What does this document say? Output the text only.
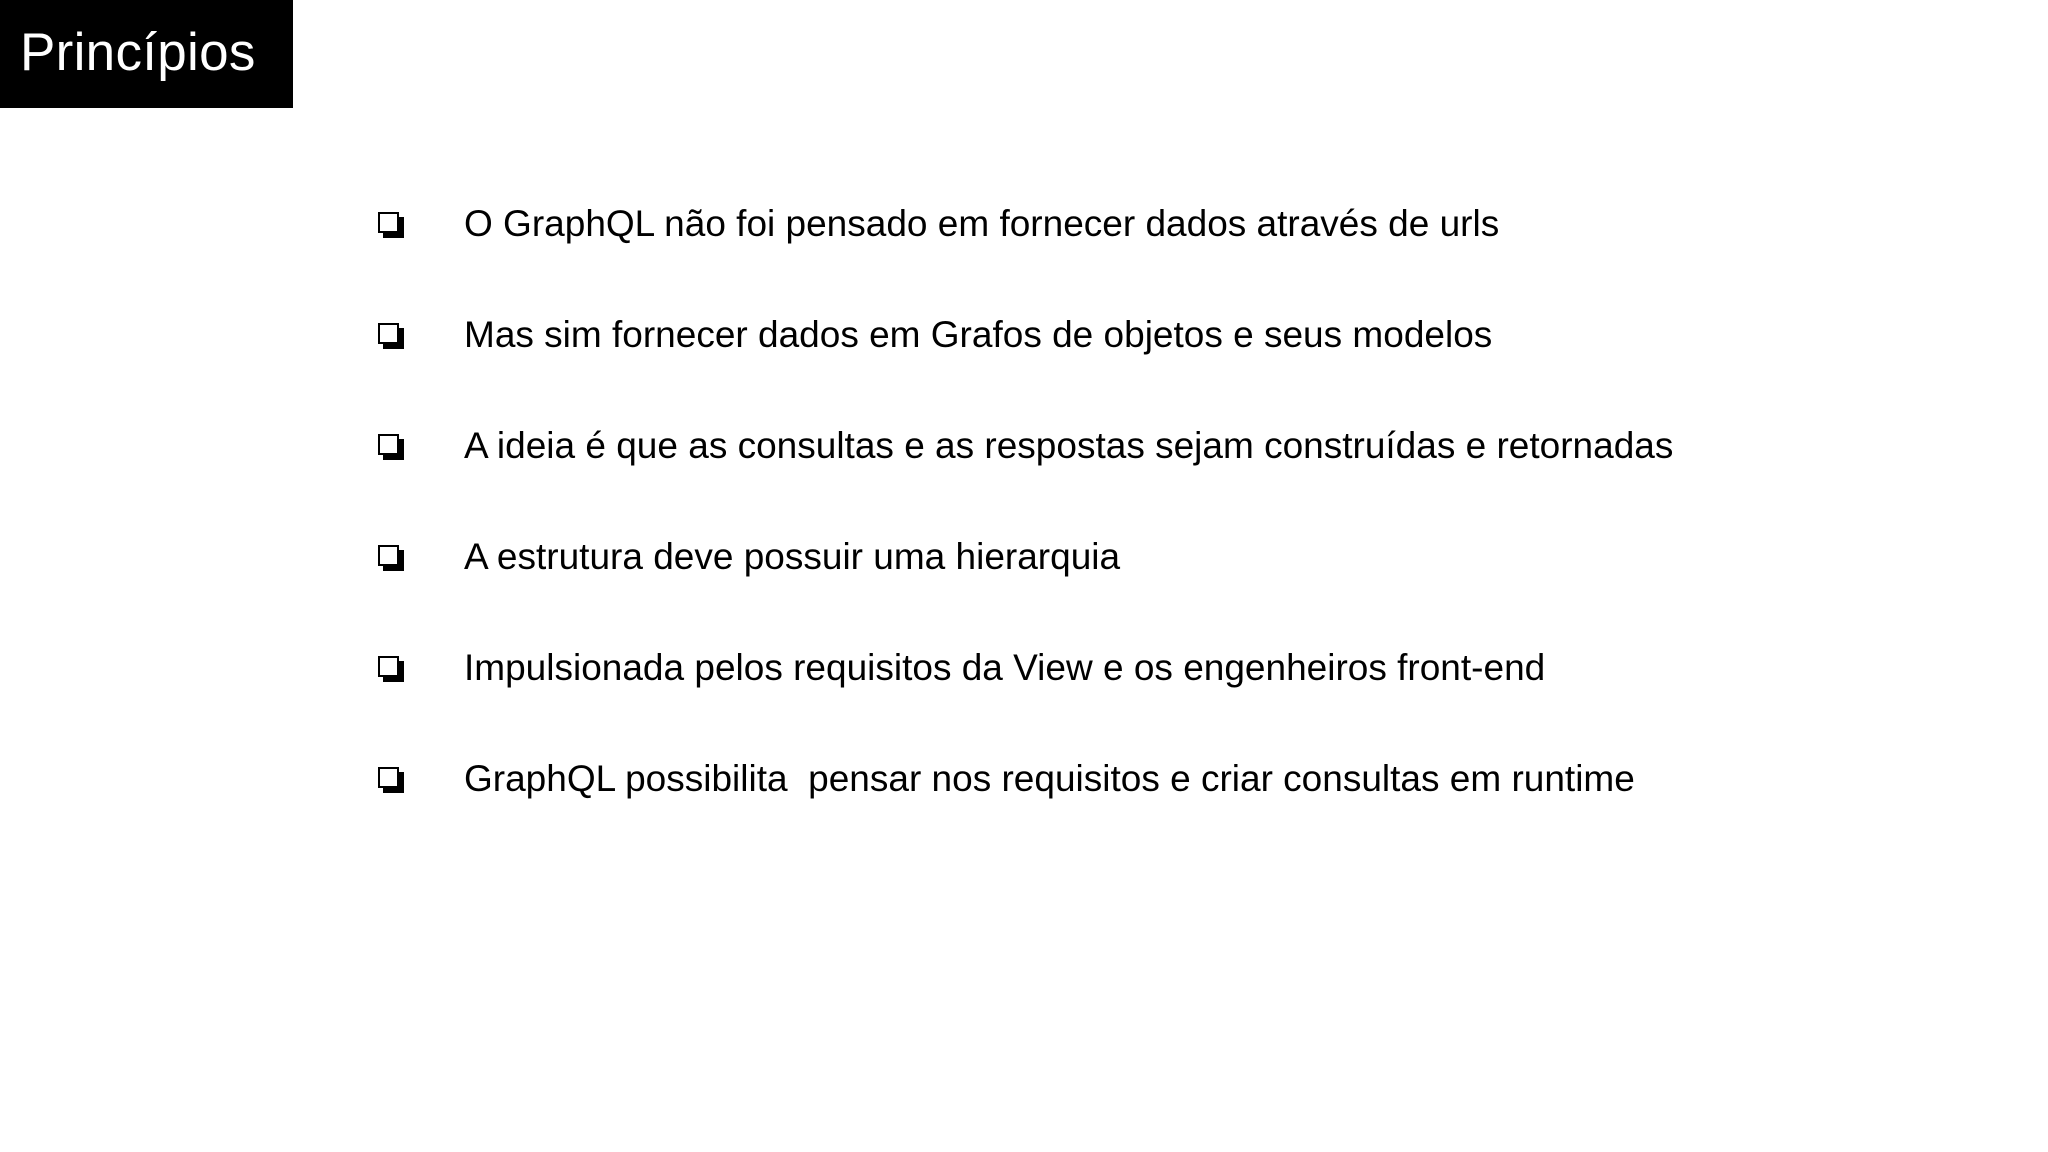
Princípios
O GraphQL não foi pensado em fornecer dados através de urls
Mas sim fornecer dados em Grafos de objetos e seus modelos
A ideia é que as consultas e as respostas sejam construídas e retornadas
A estrutura deve possuir uma hierarquia
Impulsionada pelos requisitos da View e os engenheiros front-end
GraphQL possibilita  pensar nos requisitos e criar consultas em runtime
